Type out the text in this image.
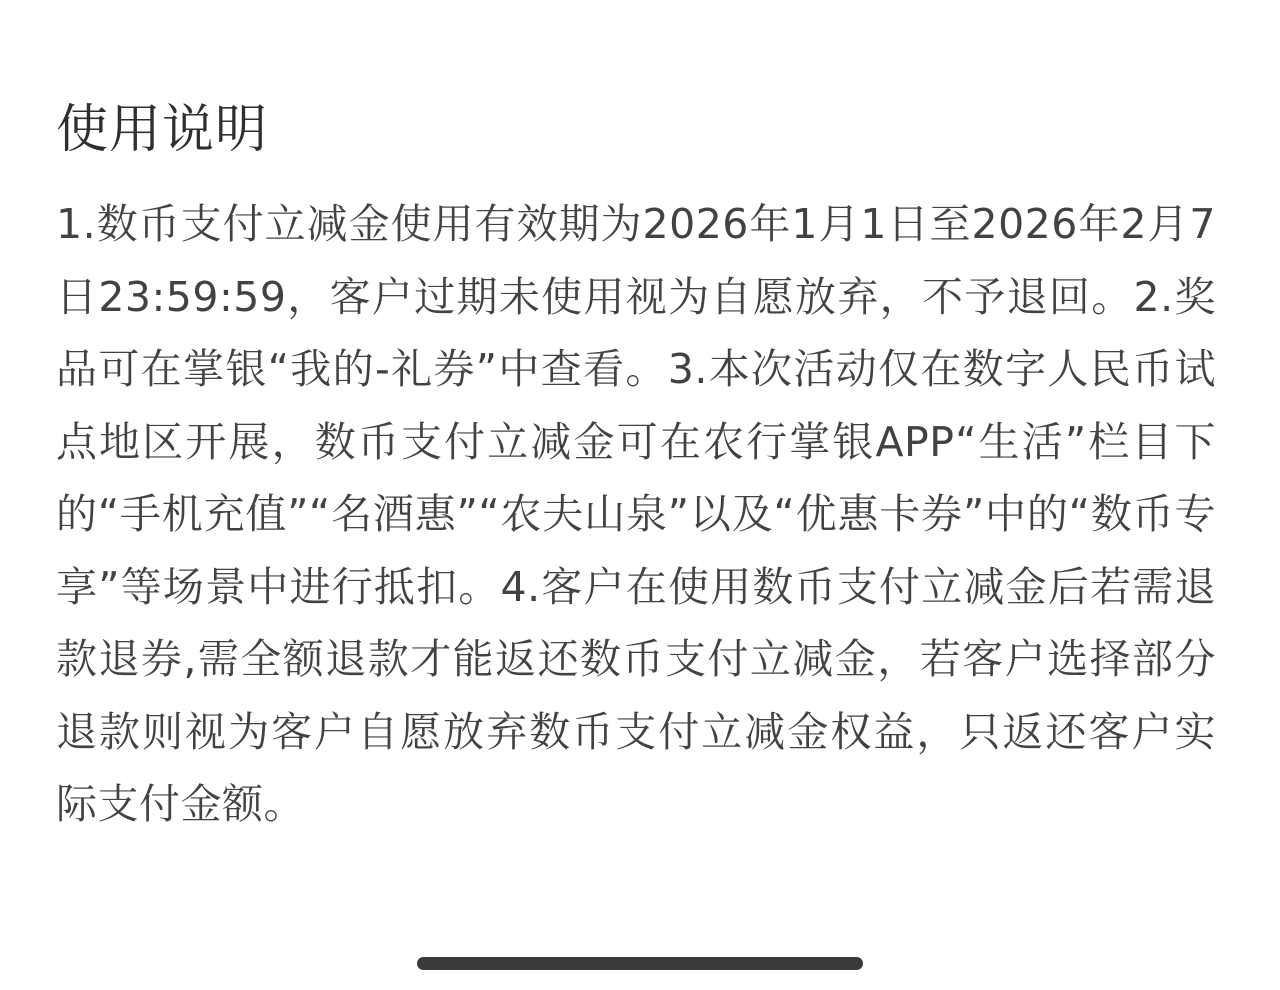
使用说明

1.数币支付立减金使用有效期为2026年1月1日至2026年2月7日23:59:59，客户过期未使用视为自愿放弃，不予退回。2.奖品可在掌银“我的-礼券”中查看。3.本次活动仅在数字人民币试点地区开展，数币支付立减金可在农行掌银APP“生活”栏目下的“手机充值”“名酒惠”“农夫山泉”以及“优惠卡券”中的“数币专享”等场景中进行抵扣。4.客户在使用数币支付立减金后若需退款退券,需全额退款才能返还数币支付立减金，若客户选择部分退款则视为客户自愿放弃数币支付立减金权益，只返还客户实际支付金额。
